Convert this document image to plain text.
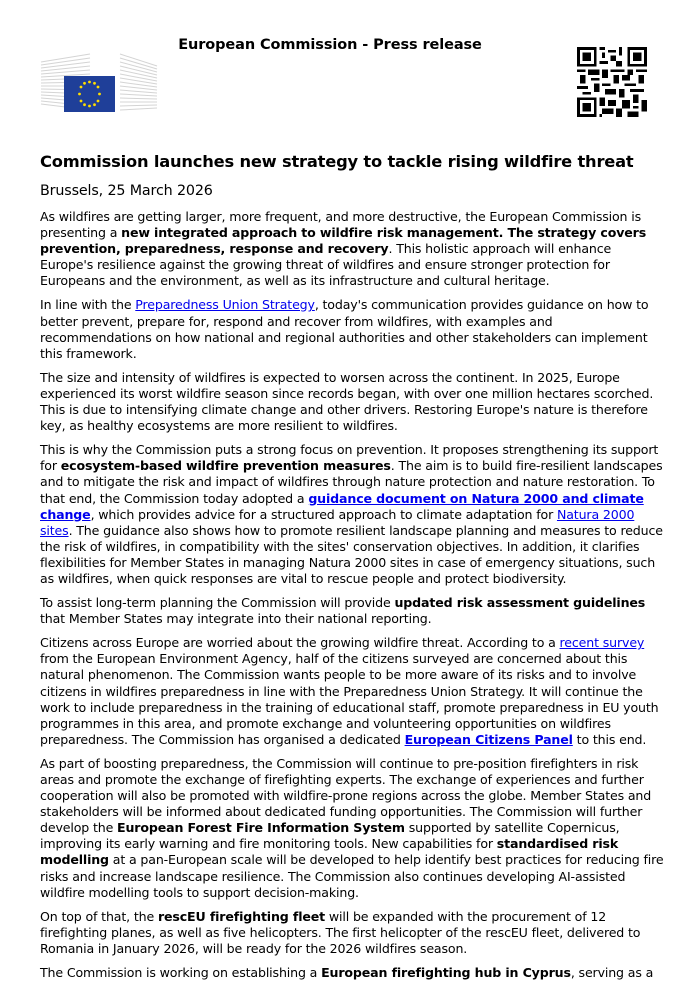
European Commission - Press release
Commission launches new strategy to tackle rising wildfire threat
Brussels, 25 March 2026

As wildfires are getting larger, more frequent, and more destructive, the European Commission is presenting a new integrated approach to wildfire risk management. The strategy covers prevention, preparedness, response and recovery. This holistic approach will enhance Europe's resilience against the growing threat of wildfires and ensure stronger protection for Europeans and the environment, as well as its infrastructure and cultural heritage.

In line with the Preparedness Union Strategy, today's communication provides guidance on how to better prevent, prepare for, respond and recover from wildfires, with examples and recommendations on how national and regional authorities and other stakeholders can implement this framework.

The size and intensity of wildfires is expected to worsen across the continent. In 2025, Europe experienced its worst wildfire season since records began, with over one million hectares scorched. This is due to intensifying climate change and other drivers. Restoring Europe's nature is therefore key, as healthy ecosystems are more resilient to wildfires.

This is why the Commission puts a strong focus on prevention. It proposes strengthening its support for ecosystem-based wildfire prevention measures. The aim is to build fire-resilient landscapes and to mitigate the risk and impact of wildfires through nature protection and nature restoration. To that end, the Commission today adopted a guidance document on Natura 2000 and climate change, which provides advice for a structured approach to climate adaptation for Natura 2000 sites. The guidance also shows how to promote resilient landscape planning and measures to reduce the risk of wildfires, in compatibility with the sites' conservation objectives. In addition, it clarifies flexibilities for Member States in managing Natura 2000 sites in case of emergency situations, such as wildfires, when quick responses are vital to rescue people and protect biodiversity.

To assist long-term planning the Commission will provide updated risk assessment guidelines that Member States may integrate into their national reporting.

Citizens across Europe are worried about the growing wildfire threat. According to a recent survey from the European Environment Agency, half of the citizens surveyed are concerned about this natural phenomenon. The Commission wants people to be more aware of its risks and to involve citizens in wildfires preparedness in line with the Preparedness Union Strategy. It will continue the work to include preparedness in the training of educational staff, promote preparedness in EU youth programmes in this area, and promote exchange and volunteering opportunities on wildfires preparedness. The Commission has organised a dedicated European Citizens Panel to this end.

As part of boosting preparedness, the Commission will continue to pre-position firefighters in risk areas and promote the exchange of firefighting experts. The exchange of experiences and further cooperation will also be promoted with wildfire-prone regions across the globe. Member States and stakeholders will be informed about dedicated funding opportunities. The Commission will further develop the European Forest Fire Information System supported by satellite Copernicus, improving its early warning and fire monitoring tools. New capabilities for standardised risk modelling at a pan-European scale will be developed to help identify best practices for reducing fire risks and increase landscape resilience. The Commission also continues developing AI-assisted wildfire modelling tools to support decision-making.

On top of that, the rescEU firefighting fleet will be expanded with the procurement of 12 firefighting planes, as well as five helicopters. The first helicopter of the rescEU fleet, delivered to Romania in January 2026, will be ready for the 2026 wildfires season.

The Commission is working on establishing a European firefighting hub in Cyprus, serving as a
